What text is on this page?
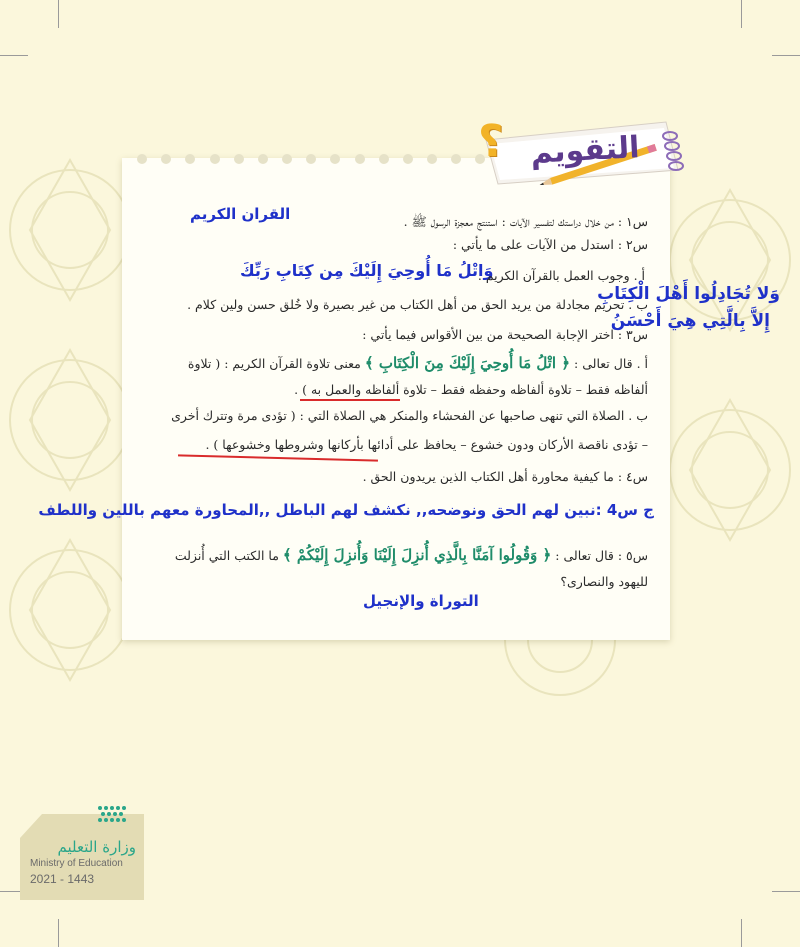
التقويم
؟
س١ : من خلال دراستك لتفسير الآيات : استنتج معجزة الرسول ﷺ .
القران الكريم
س٢ : استدل من الآيات على ما يأتي :
وَاتْلُ مَا أُوحِيَ إِلَيْكَ مِن كِتَابِ رَبِّكَ
أ . وجوب العمل بالقرآن الكريم .
ب . تحريم مجادلة من يريد الحق من أهل الكتاب من غير بصيرة ولا خُلق حسن ولين كلام .
وَلا تُجَادِلُوا أَهْلَ الْكِتَابِ
إِلاَّ بِالَّتِي هِيَ أَحْسَنُ
س٣ : اختر الإجابة الصحيحة من بين الأقواس فيما يأتي :
أ . قال تعالى : ﴿ اتْلُ مَا أُوحِيَ إِلَيْكَ مِنَ الْكِتَابِ ﴾ معنى تلاوة القرآن الكريم : ( تلاوة
ألفاظه فقط – تلاوة ألفاظه وحفظه فقط – تلاوة ألفاظه والعمل به ) .
ب . الصلاة التي تنهى صاحبها عن الفحشاء والمنكر هي الصلاة التي : ( تؤدى مرة وتترك أخرى
– تؤدى ناقصة الأركان ودون خشوع – يحافظ على أدائها بأركانها وشروطها وخشوعها ) .
س٤ : ما كيفية محاورة أهل الكتاب الذين يريدون الحق .
ج س4 :نبين لهم الحق ونوضحه,, نكشف لهم الباطل ,,المحاورة معهم باللين واللطف
س٥ : قال تعالى : ﴿ وَقُولُوا آمَنَّا بِالَّذِي أُنزِلَ إِلَيْنَا وَأُنزِلَ إِلَيْكُمْ ﴾ ما الكتب التي أُنزلت
لليهود والنصارى؟
التوراة والإنجيل
وزارة التعليم
Ministry of Education
2021 - 1443
